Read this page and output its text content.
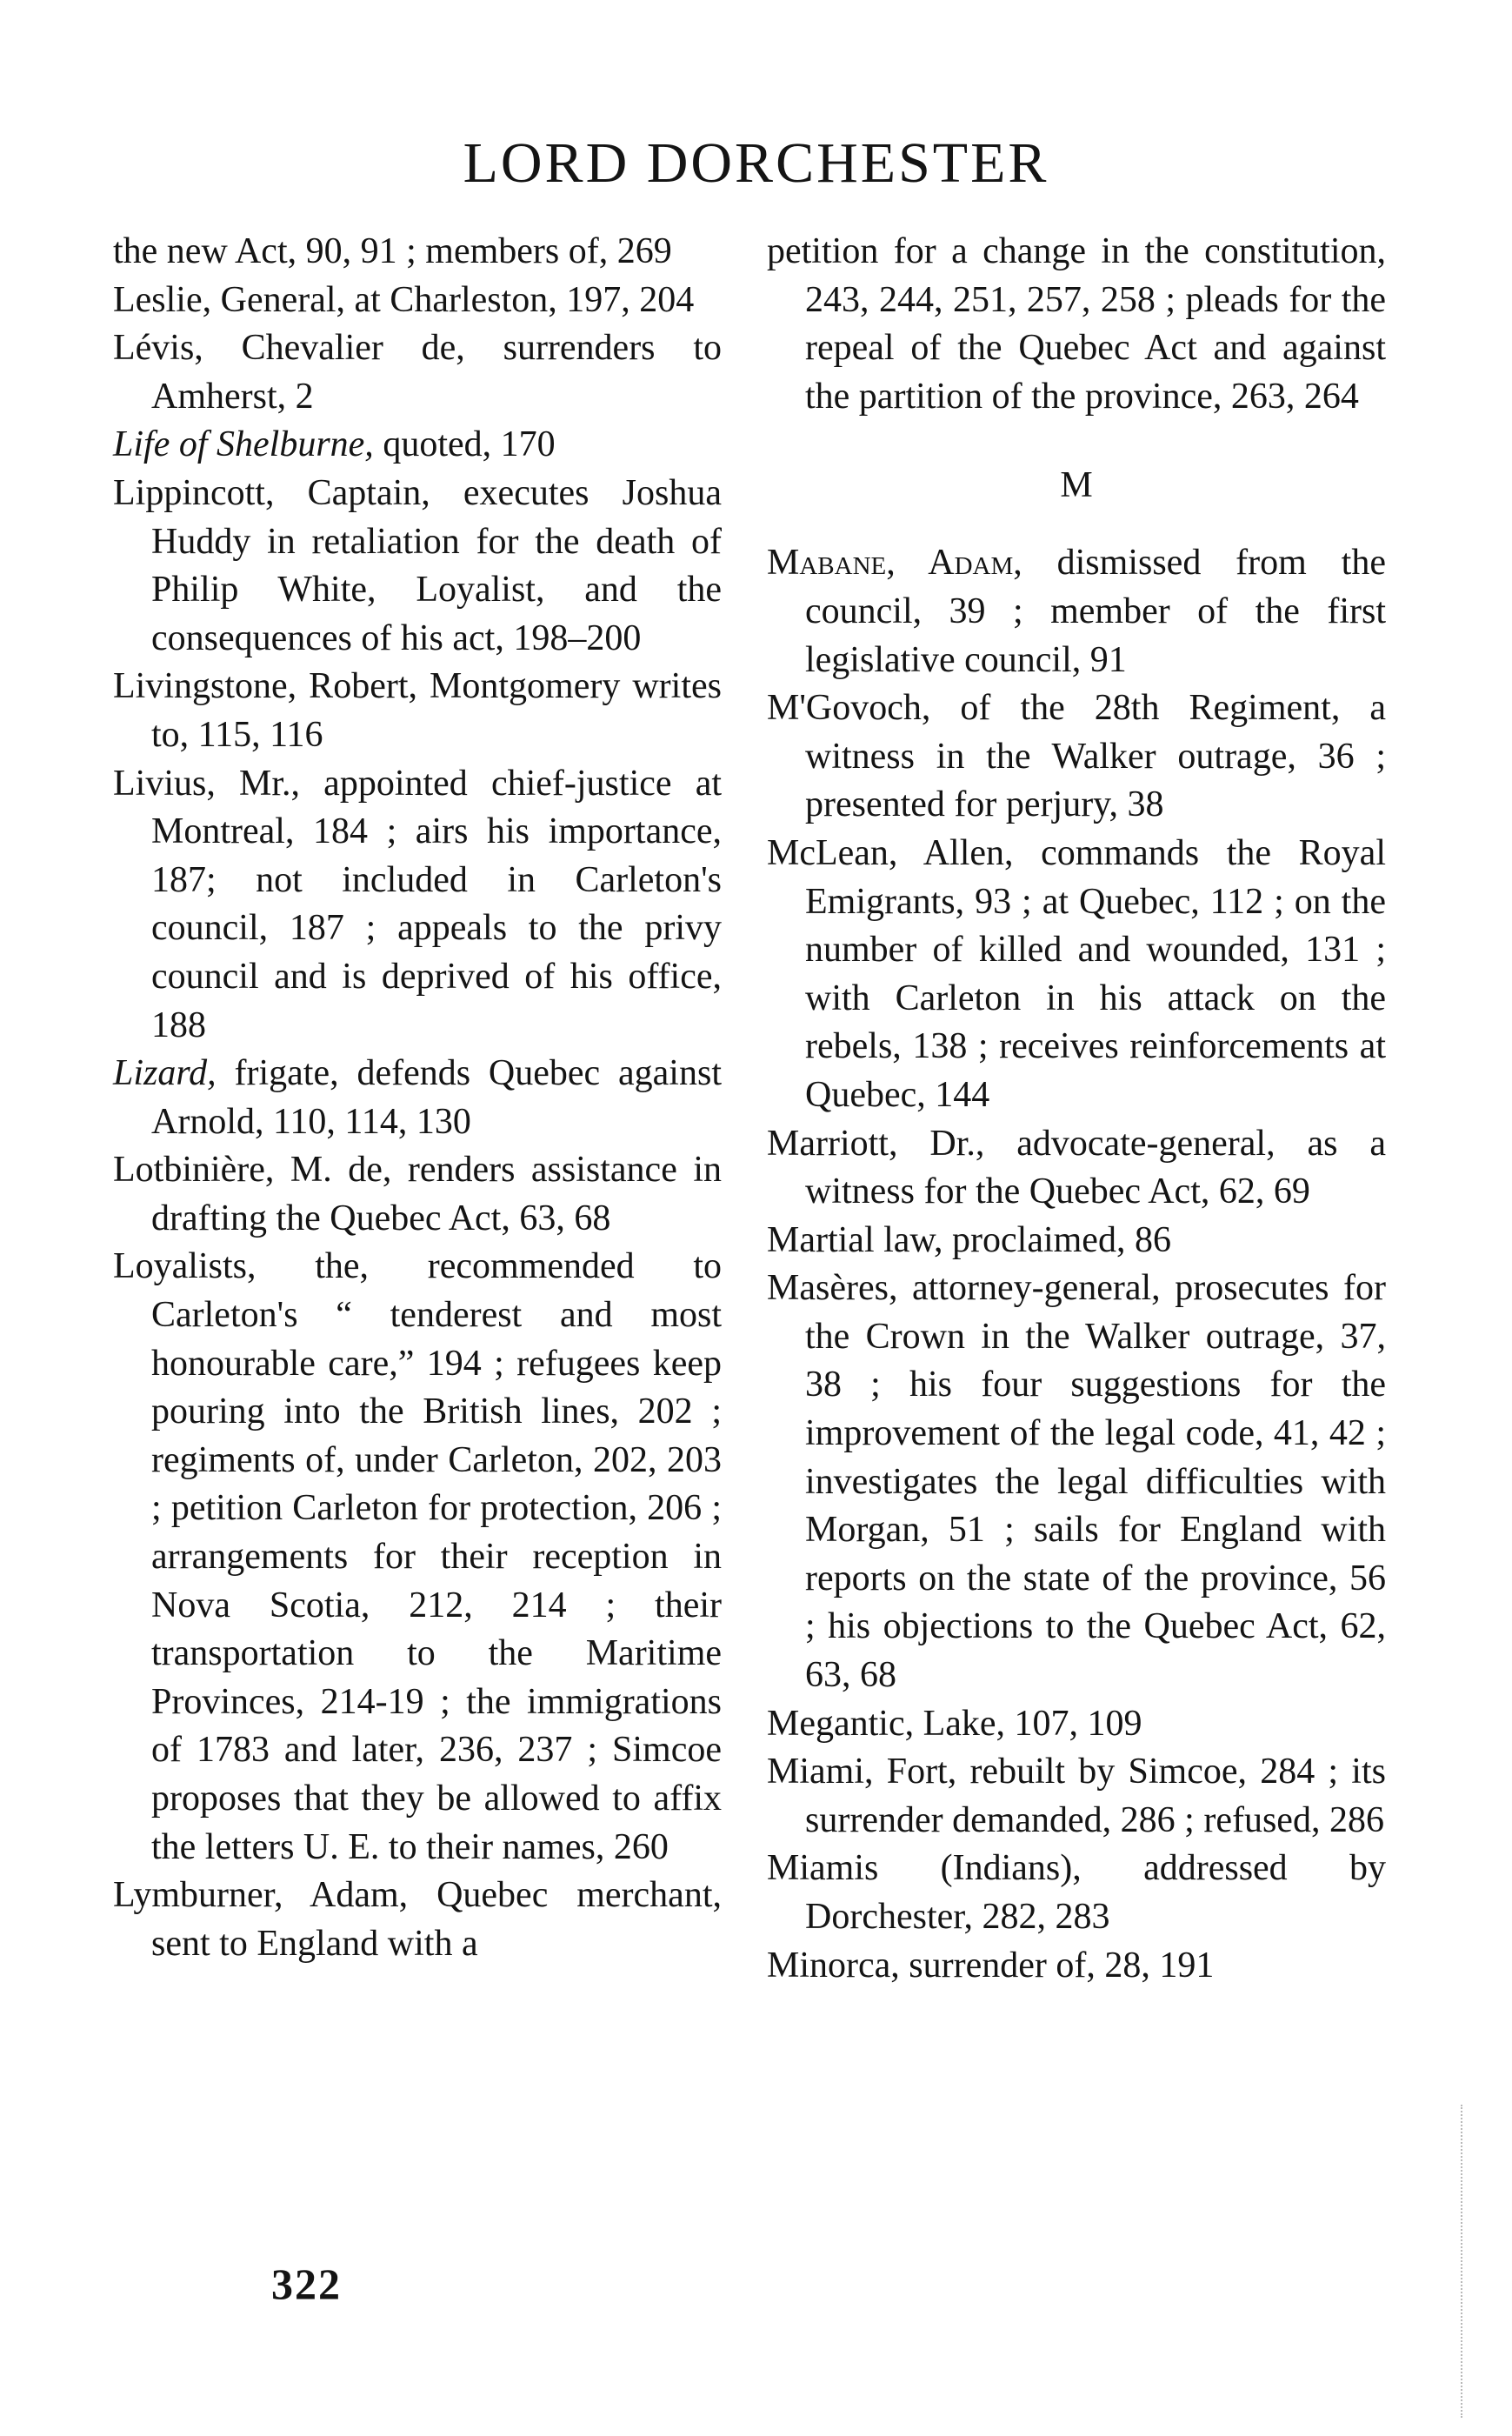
LORD DORCHESTER

the new Act, 90, 91 ; members of, 269

Leslie, General, at Charleston, 197, 204

Lévis, Chevalier de, surrenders to Amherst, 2

Life of Shelburne, quoted, 170

Lippincott, Captain, executes Joshua Huddy in retaliation for the death of Philip White, Loyalist, and the consequences of his act, 198–200

Livingstone, Robert, Montgomery writes to, 115, 116

Livius, Mr., appointed chief-justice at Montreal, 184 ; airs his importance, 187; not included in Carleton's council, 187 ; appeals to the privy council and is deprived of his office, 188

Lizard, frigate, defends Quebec against Arnold, 110, 114, 130

Lotbinière, M. de, renders assistance in drafting the Quebec Act, 63, 68

Loyalists, the, recommended to Carleton's “ tenderest and most honourable care,” 194 ; refugees keep pouring into the British lines, 202 ; regiments of, under Carleton, 202, 203 ; petition Carleton for protection, 206 ; arrangements for their reception in Nova Scotia, 212, 214 ; their transportation to the Maritime Provinces, 214-19 ; the immigrations of 1783 and later, 236, 237 ; Simcoe proposes that they be allowed to affix the letters U. E. to their names, 260

Lymburner, Adam, Quebec merchant, sent to England with a

petition for a change in the constitution, 243, 244, 251, 257, 258 ; pleads for the repeal of the Quebec Act and against the partition of the province, 263, 264

M

Mabane, Adam, dismissed from the council, 39 ; member of the first legislative council, 91

M'Govoch, of the 28th Regiment, a witness in the Walker outrage, 36 ; presented for perjury, 38

McLean, Allen, commands the Royal Emigrants, 93 ; at Quebec, 112 ; on the number of killed and wounded, 131 ; with Carleton in his attack on the rebels, 138 ; receives reinforcements at Quebec, 144

Marriott, Dr., advocate-general, as a witness for the Quebec Act, 62, 69

Martial law, proclaimed, 86

Masères, attorney-general, prosecutes for the Crown in the Walker outrage, 37, 38 ; his four suggestions for the improvement of the legal code, 41, 42 ; investigates the legal difficulties with Morgan, 51 ; sails for England with reports on the state of the province, 56 ; his objections to the Quebec Act, 62, 63, 68

Megantic, Lake, 107, 109

Miami, Fort, rebuilt by Simcoe, 284 ; its surrender demanded, 286 ; refused, 286

Miamis (Indians), addressed by Dorchester, 282, 283

Minorca, surrender of, 28, 191

322
